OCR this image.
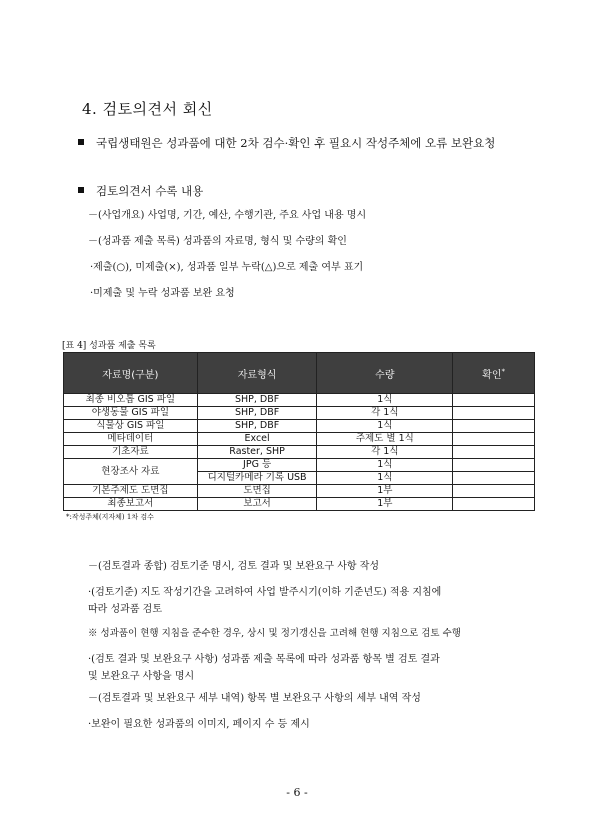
4. 검토의견서 회신
국립생태원은 성과품에 대한 2차 검수·확인 후 필요시 작성주체에 오류 보완요청
검토의견서 수록 내용
－(사업개요) 사업명, 기간, 예산, 수행기관, 주요 사업 내용 명시
－(성과품 제출 목록) 성과품의 자료명, 형식 및 수량의 확인
·제출(○), 미제출(×), 성과품 일부 누락(△)으로 제출 여부 표기
·미제출 및 누락 성과품 보완 요청
[표 4] 성과품 제출 목록
자료명(구분)	자료형식	수량	확인*
최종 비오톱 GIS 파일	SHP, DBF	1식	
야생동물 GIS 파일	SHP, DBF	각 1식	
식물상 GIS 파일	SHP, DBF	1식	
메타데이터	Excel	주제도 별 1식	
기초자료	Raster, SHP	각 1식	
현장조사 자료	JPG 등	1식	
	디지털카메라 기록 USB	1식	
기본주제도 도면집	도면집	1부	
최종보고서	보고서	1부	
*:작성주체(지자체) 1차 검수
－(검토결과 종합) 검토기준 명시, 검토 결과 및 보완요구 사항 작성
·(검토기준) 지도 작성기간을 고려하여 사업 발주시기(이하 기준년도) 적용 지침에
따라 성과품 검토
※ 성과품이 현행 지침을 준수한 경우, 상시 및 정기갱신을 고려해 현행 지침으로 검토 수행
·(검토 결과 및 보완요구 사항) 성과품 제출 목록에 따라 성과품 항목 별 검토 결과
및 보완요구 사항을 명시
－(검토결과 및 보완요구 세부 내역) 항목 별 보완요구 사항의 세부 내역 작성
·보완이 필요한 성과품의 이미지, 페이지 수 등 제시
- 6 -
